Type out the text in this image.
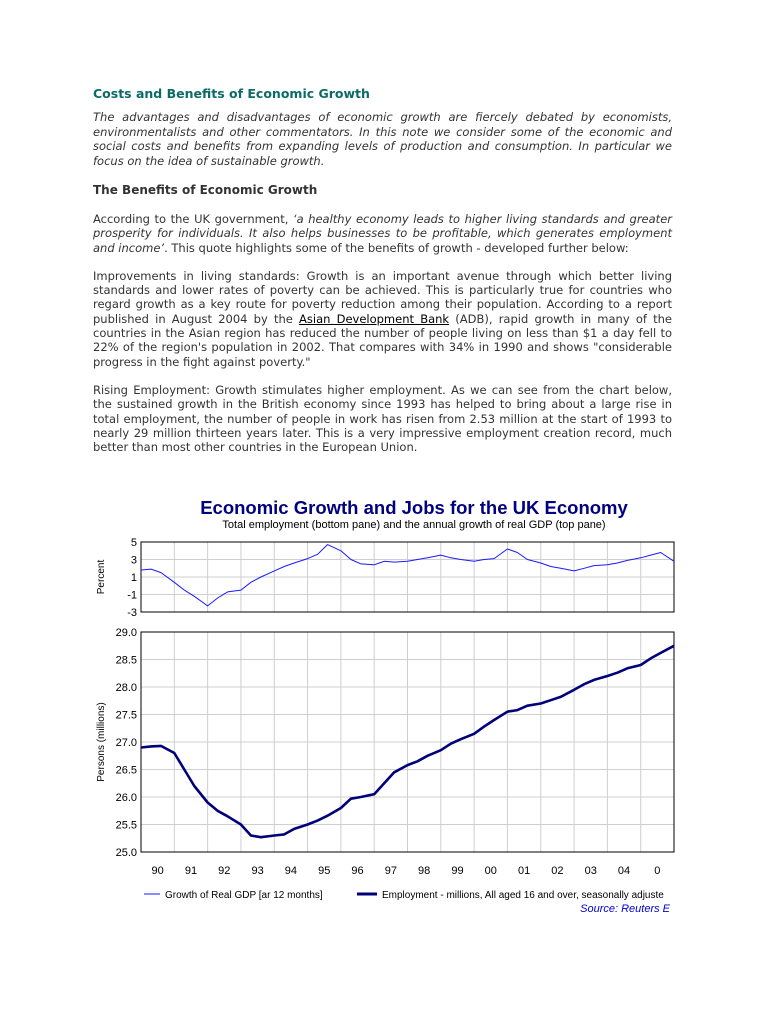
Costs and Benefits of Economic Growth

The advantages and disadvantages of economic growth are fiercely debated by economists, environmentalists and other commentators. In this note we consider some of the economic and social costs and benefits from expanding levels of production and consumption. In particular we focus on the idea of sustainable growth.

The Benefits of Economic Growth

According to the UK government, ‘a healthy economy leads to higher living standards and greater prosperity for individuals. It also helps businesses to be profitable, which generates employment and income’. This quote highlights some of the benefits of growth - developed further below:

Improvements in living standards: Growth is an important avenue through which better living standards and lower rates of poverty can be achieved. This is particularly true for countries who regard growth as a key route for poverty reduction among their population. According to a report published in August 2004 by the Asian Development Bank (ADB), rapid growth in many of the countries in the Asian region has reduced the number of people living on less than $1 a day fell to 22% of the region's population in 2002. That compares with 34% in 1990 and shows "considerable progress in the fight against poverty."

Rising Employment: Growth stimulates higher employment. As we can see from the chart below, the sustained growth in the British economy since 1993 has helped to bring about a large rise in total employment, the number of people in work has risen from 2.53 million at the start of 1993 to nearly 29 million thirteen years later. This is a very impressive employment creation record, much better than most other countries in the European Union.

Economic Growth and Jobs for the UK Economy
Total employment (bottom pane) and the annual growth of real GDP (top pane)
5
3
1
-1
-3
Percent
29.0
28.5
28.0
27.5
27.0
26.5
26.0
25.5
25.0
Persons (millions)
90 91 92 93 94 95 96 97 98 99 00 01 02 03 04 0
Growth of Real GDP [ar 12 months]	Employment - millions, All aged 16 and over, seasonally adjuste
Source: Reuters E
